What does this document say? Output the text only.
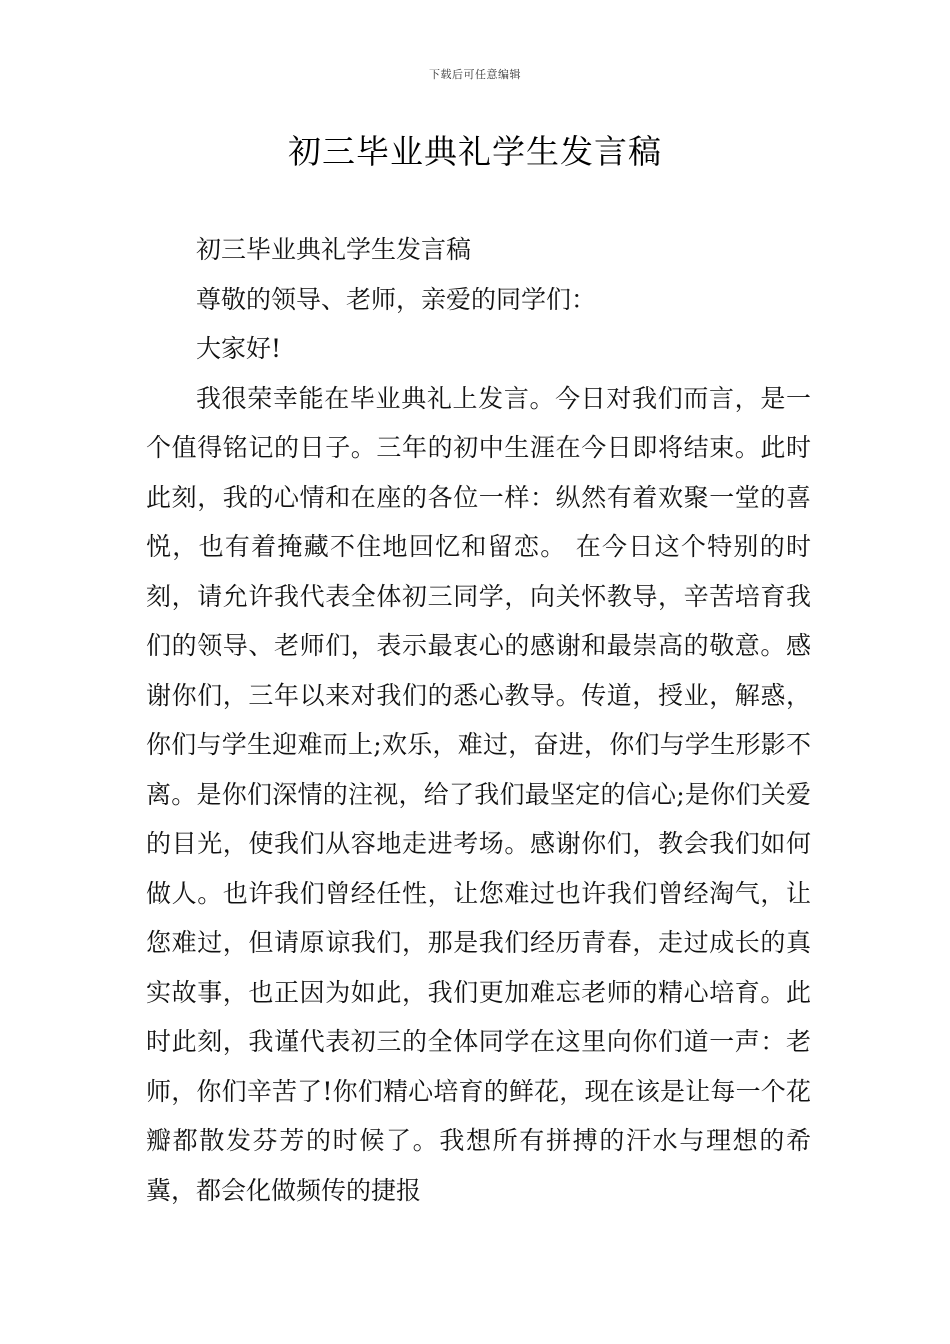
下载后可任意编辑
初三毕业典礼学生发言稿

初三毕业典礼学生发言稿

尊敬的领导、老师，亲爱的同学们：

大家好!

我很荣幸能在毕业典礼上发言。今日对我们而言，是一个值得铭记的日子。三年的初中生涯在今日即将结束。此时此刻，我的心情和在座的各位一样：纵然有着欢聚一堂的喜悦，也有着掩藏不住地回忆和留恋。 在今日这个特别的时刻，请允许我代表全体初三同学，向关怀教导，辛苦培育我们的领导、老师们，表示最衷心的感谢和最崇高的敬意。感谢你们，三年以来对我们的悉心教导。传道，授业，解惑，你们与学生迎难而上;欢乐，难过，奋进，你们与学生形影不离。是你们深情的注视，给了我们最坚定的信心;是你们关爱的目光，使我们从容地走进考场。感谢你们，教会我们如何做人。也许我们曾经任性，让您难过也许我们曾经淘气，让您难过，但请原谅我们，那是我们经历青春，走过成长的真实故事，也正因为如此，我们更加难忘老师的精心培育。此时此刻，我谨代表初三的全体同学在这里向你们道一声：老师，你们辛苦了!你们精心培育的鲜花，现在该是让每一个花瓣都散发芬芳的时候了。我想所有拼搏的汗水与理想的希冀，都会化做频传的捷报
